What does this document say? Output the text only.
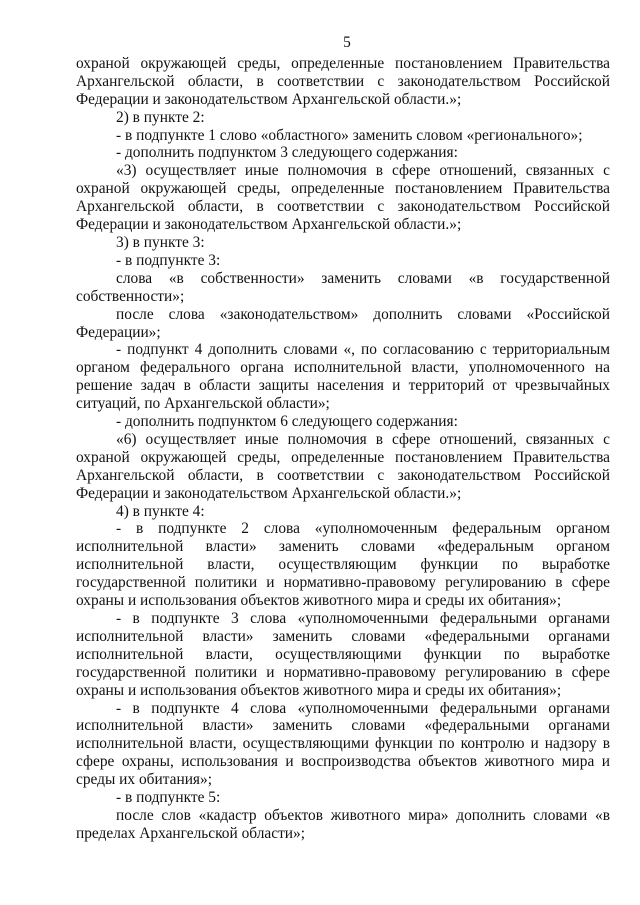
5

охраной окружающей среды, определенные постановлением Правительства Архангельской области, в соответствии с законодательством Российской Федерации и законодательством Архангельской области.»;

2) в пункте 2:

- в подпункте 1 слово «областного» заменить словом «регионального»;

- дополнить подпунктом 3 следующего содержания:

«3) осуществляет иные полномочия в сфере отношений, связанных с охраной окружающей среды, определенные постановлением Правительства Архангельской области, в соответствии с законодательством Российской Федерации и законодательством Архангельской области.»;

3) в пункте 3:

- в подпункте 3:

слова «в собственности» заменить словами «в государственной собственности»;

после слова «законодательством» дополнить словами «Российской Федерации»;

- подпункт 4 дополнить словами «, по согласованию с территориальным органом федерального органа исполнительной власти, уполномоченного на решение задач в области защиты населения и территорий от чрезвычайных ситуаций, по Архангельской области»;

- дополнить подпунктом 6 следующего содержания:

«6) осуществляет иные полномочия в сфере отношений, связанных с охраной окружающей среды, определенные постановлением Правительства Архангельской области, в соответствии с законодательством Российской Федерации и законодательством Архангельской области.»;

4) в пункте 4:

- в подпункте 2 слова «уполномоченным федеральным органом исполнительной власти» заменить словами «федеральным органом исполнительной власти, осуществляющим функции по выработке государственной политики и нормативно-правовому регулированию в сфере охраны и использования объектов животного мира и среды их обитания»;

- в подпункте 3 слова «уполномоченными федеральными органами исполнительной власти» заменить словами «федеральными органами исполнительной власти, осуществляющими функции по выработке государственной политики и нормативно-правовому регулированию в сфере охраны и использования объектов животного мира и среды их обитания»;

- в подпункте 4 слова «уполномоченными федеральными органами исполнительной власти» заменить словами «федеральными органами исполнительной власти, осуществляющими функции по контролю и надзору в сфере охраны, использования и воспроизводства объектов животного мира и среды их обитания»;

- в подпункте 5:

после слов «кадастр объектов животного мира» дополнить словами «в пределах Архангельской области»;
